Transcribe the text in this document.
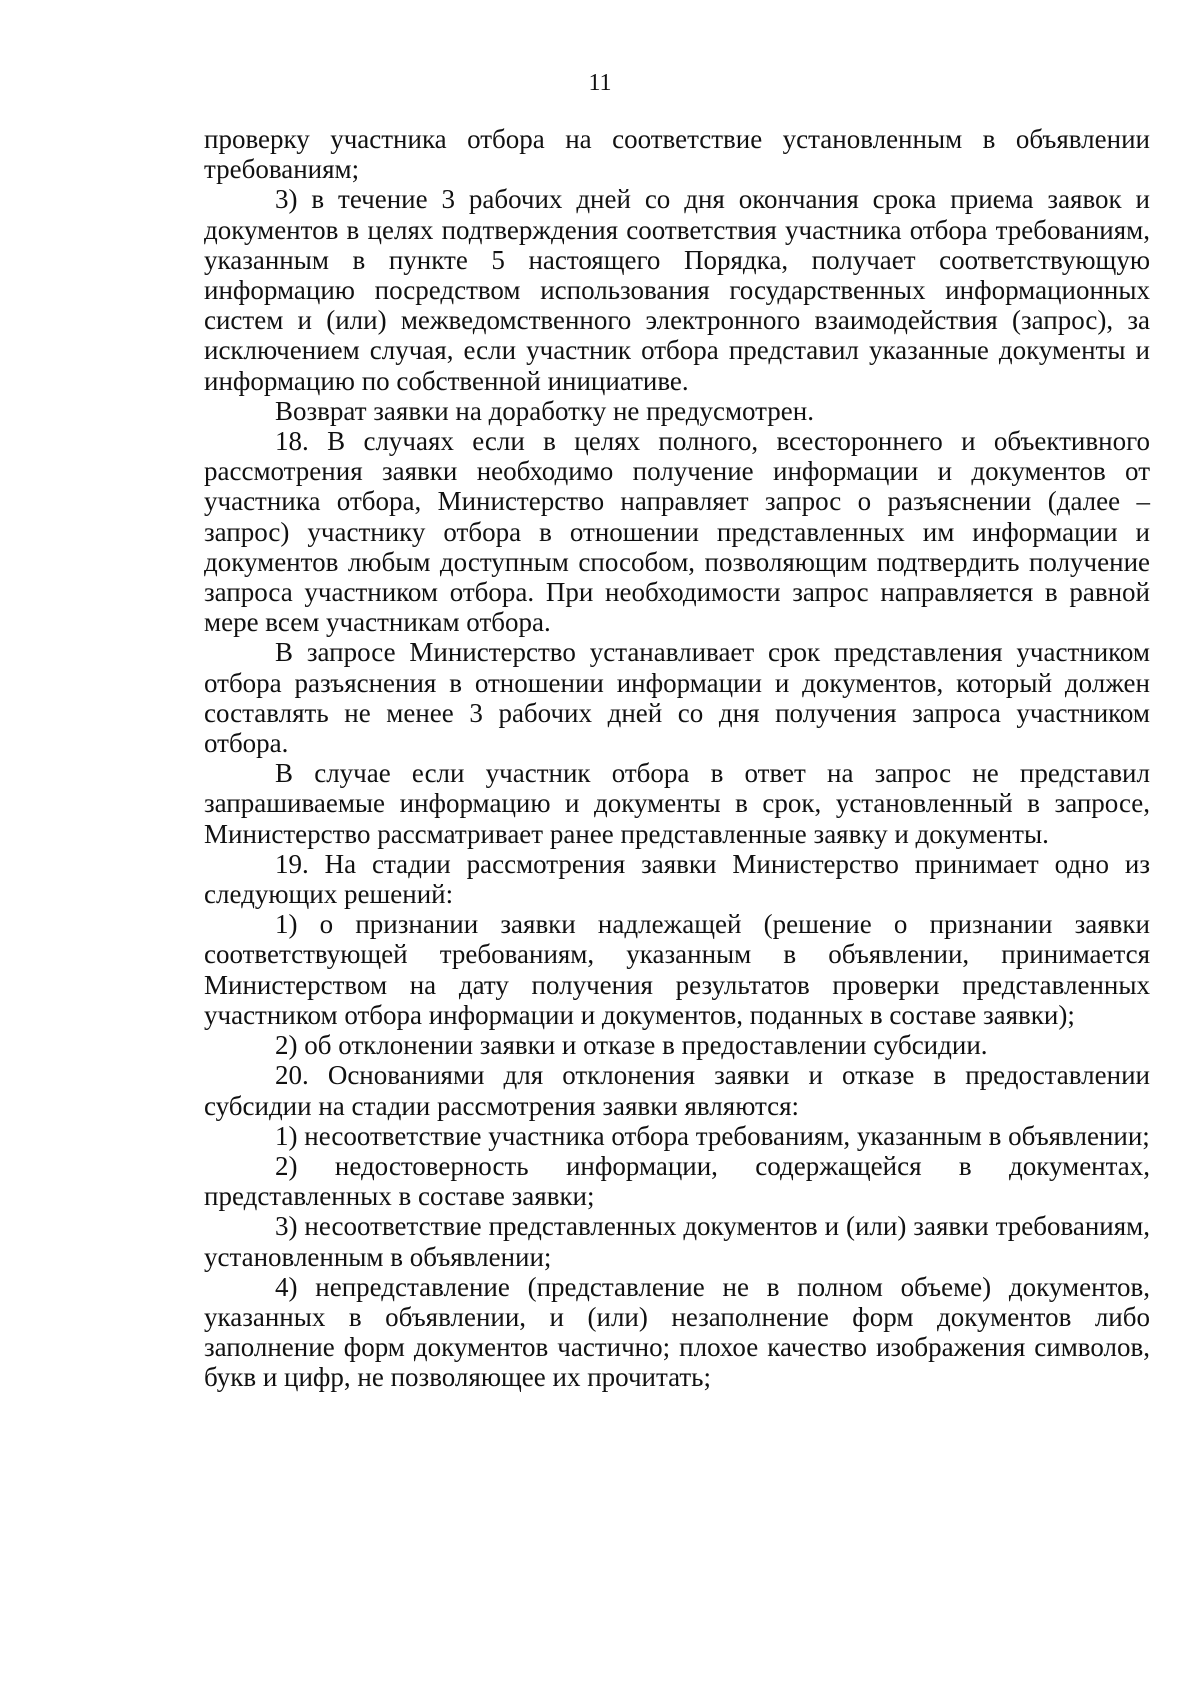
11

проверку участника отбора на соответствие установленным в объявлении требованиям;

3) в течение 3 рабочих дней со дня окончания срока приема заявок и документов в целях подтверждения соответствия участника отбора требованиям, указанным в пункте 5 настоящего Порядка, получает соответствующую информацию посредством использования государственных информационных систем и (или) межведомственного электронного взаимодействия (запрос), за исключением случая, если участник отбора представил указанные документы и информацию по собственной инициативе.

Возврат заявки на доработку не предусмотрен.

18. В случаях если в целях полного, всестороннего и объективного рассмотрения заявки необходимо получение информации и документов от участника отбора, Министерство направляет запрос о разъяснении (далее – запрос) участнику отбора в отношении представленных им информации и документов любым доступным способом, позволяющим подтвердить получение запроса участником отбора. При необходимости запрос направляется в равной мере всем участникам отбора.

В запросе Министерство устанавливает срок представления участником отбора разъяснения в отношении информации и документов, который должен составлять не менее 3 рабочих дней со дня получения запроса участником отбора.

В случае если участник отбора в ответ на запрос не представил запрашиваемые информацию и документы в срок, установленный в запросе, Министерство рассматривает ранее представленные заявку и документы.

19. На стадии рассмотрения заявки Министерство принимает одно из следующих решений:

1) о признании заявки надлежащей (решение о признании заявки соответствующей требованиям, указанным в объявлении, принимается Министерством на дату получения результатов проверки представленных участником отбора информации и документов, поданных в составе заявки);

2) об отклонении заявки и отказе в предоставлении субсидии.

20. Основаниями для отклонения заявки и отказе в предоставлении субсидии на стадии рассмотрения заявки являются:

1) несоответствие участника отбора требованиям, указанным в объявлении;

2) недостоверность информации, содержащейся в документах, представленных в составе заявки;

3) несоответствие представленных документов и (или) заявки требованиям, установленным в объявлении;

4) непредставление (представление не в полном объеме) документов, указанных в объявлении, и (или) незаполнение форм документов либо заполнение форм документов частично; плохое качество изображения символов, букв и цифр, не позволяющее их прочитать;
